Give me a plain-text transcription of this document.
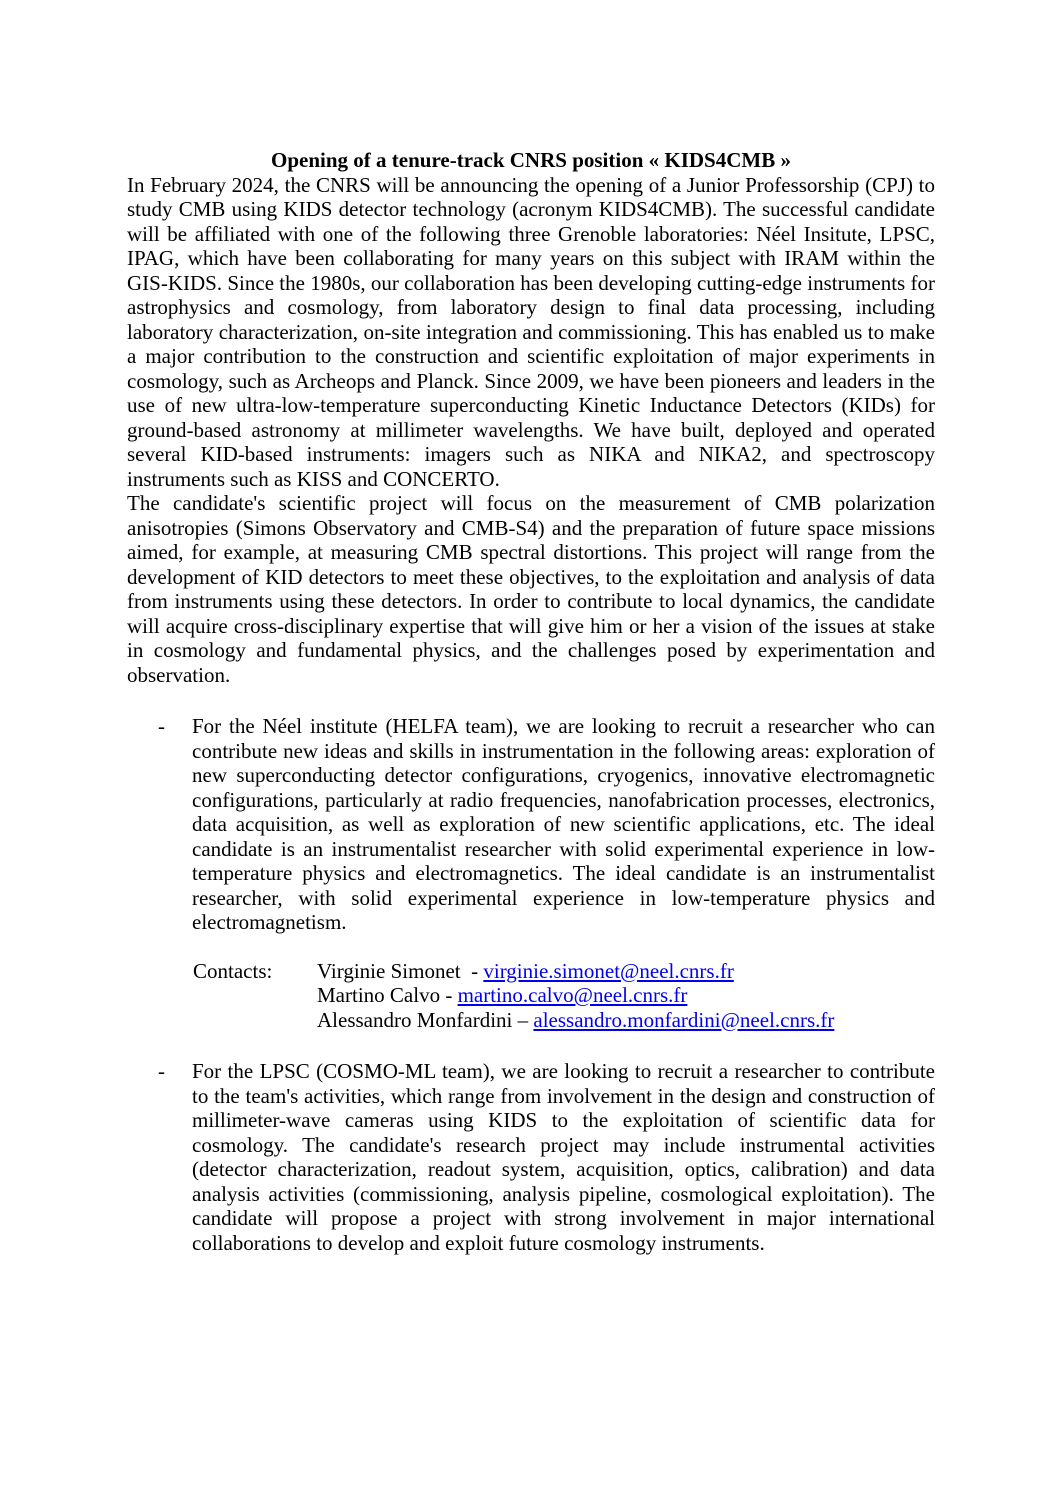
Opening of a tenure-track CNRS position « KIDS4CMB »

In February 2024, the CNRS will be announcing the opening of a Junior Professorship (CPJ) to study CMB using KIDS detector technology (acronym KIDS4CMB). The successful candidate will be affiliated with one of the following three Grenoble laboratories: Néel Insitute, LPSC, IPAG, which have been collaborating for many years on this subject with IRAM within the GIS-KIDS. Since the 1980s, our collaboration has been developing cutting-edge instruments for astrophysics and cosmology, from laboratory design to final data processing, including laboratory characterization, on-site integration and commissioning. This has enabled us to make a major contribution to the construction and scientific exploitation of major experiments in cosmology, such as Archeops and Planck. Since 2009, we have been pioneers and leaders in the use of new ultra-low-temperature superconducting Kinetic Inductance Detectors (KIDs) for ground-based astronomy at millimeter wavelengths. We have built, deployed and operated several KID-based instruments: imagers such as NIKA and NIKA2, and spectroscopy instruments such as KISS and CONCERTO.

The candidate's scientific project will focus on the measurement of CMB polarization anisotropies (Simons Observatory and CMB-S4) and the preparation of future space missions aimed, for example, at measuring CMB spectral distortions. This project will range from the development of KID detectors to meet these objectives, to the exploitation and analysis of data from instruments using these detectors. In order to contribute to local dynamics, the candidate will acquire cross-disciplinary expertise that will give him or her a vision of the issues at stake in cosmology and fundamental physics, and the challenges posed by experimentation and observation.

-	For the Néel institute (HELFA team), we are looking to recruit a researcher who can contribute new ideas and skills in instrumentation in the following areas: exploration of new superconducting detector configurations, cryogenics, innovative electromagnetic configurations, particularly at radio frequencies, nanofabrication processes, electronics, data acquisition, as well as exploration of new scientific applications, etc. The ideal candidate is an instrumentalist researcher with solid experimental experience in low-temperature physics and electromagnetics. The ideal candidate is an instrumentalist researcher, with solid experimental experience in low-temperature physics and electromagnetism.
Contacts:	Virginie Simonet  - virginie.simonet@neel.cnrs.fr
Martino Calvo - martino.calvo@neel.cnrs.fr
Alessandro Monfardini – alessandro.monfardini@neel.cnrs.fr
-	For the LPSC (COSMO-ML team), we are looking to recruit a researcher to contribute to the team's activities, which range from involvement in the design and construction of millimeter-wave cameras using KIDS to the exploitation of scientific data for cosmology. The candidate's research project may include instrumental activities (detector characterization, readout system, acquisition, optics, calibration) and data analysis activities (commissioning, analysis pipeline, cosmological exploitation). The candidate will propose a project with strong involvement in major international collaborations to develop and exploit future cosmology instruments.
